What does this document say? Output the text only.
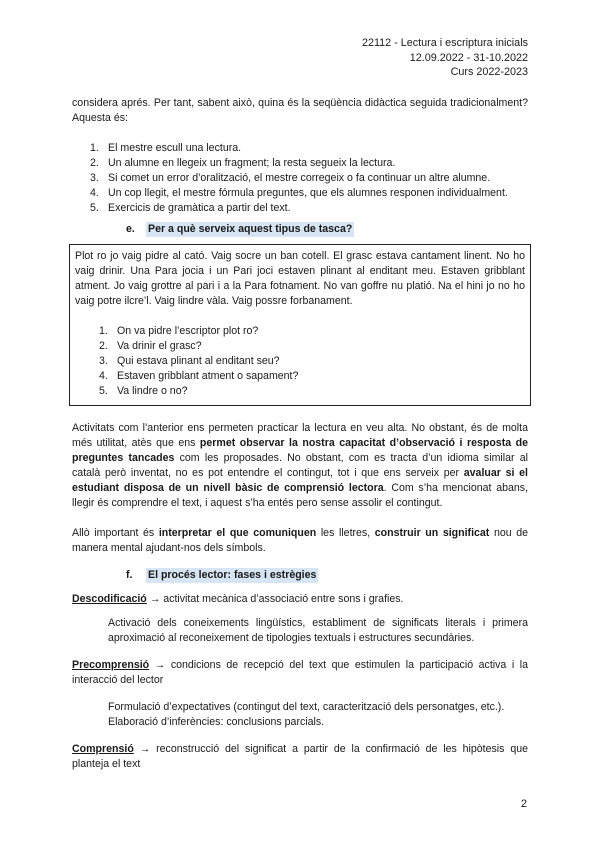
22112 - Lectura i escriptura inicials
12.09.2022 - 31-10.2022
Curs 2022-2023

considera aprés. Per tant, sabent això, quina és la seqüència didàctica seguida tradicionalment? Aquesta és:

1. El mestre escull una lectura.
2. Un alumne en llegeix un fragment; la resta segueix la lectura.
3. Si comet un error d’oralització, el mestre corregeix o fa continuar un altre alumne.
4. Un cop llegit, el mestre fórmula preguntes, que els alumnes responen individualment.
5. Exercicis de gramàtica a partir del text.
e.	Per a què serveix aquest tipus de tasca?

Plot ro jo vaig pidre al cató. Vaig socre un ban cotell. El grasc estava cantament linent. No ho vaig drinir. Una Para jocia i un Pari joci estaven plinant al enditant meu. Estaven gribblant atment. Jo vaig grottre al pari i a la Para fotnament. No van goffre nu platió. Na el hini jo no ho vaig potre ilcre’l. Vaig lindre vàla. Vaig possre forbanament.

1. On va pidre l’escriptor plot ro?
2. Va drinir el grasc?
3. Qui estava plinant al enditant seu?
4. Estaven gribblant atment o sapament?
5. Va lindre o no?

Activitats com l’anterior ens permeten practicar la lectura en veu alta. No obstant, és de molta més utilitat, atès que ens permet observar la nostra capacitat d’observació i resposta de preguntes tancades com les proposades. No obstant, com es tracta d’un idioma similar al català però inventat, no es pot entendre el contingut, tot i que ens serveix per avaluar si el estudiant disposa de un nivell bàsic de comprensió lectora. Com s’ha mencionat abans, llegir és comprendre el text, i aquest s’ha entés pero sense assolir el contingut.

Allò important és interpretar el que comuniquen les lletres, construir un significat nou de manera mental ajudant-nos dels símbols.

f.	El procés lector: fases i estrègies

Descodificació → activitat mecànica d’associació entre sons i grafies.

Activació dels coneixements lingüístics, establiment de significats literals i primera aproximació al reconeixement de tipologies textuals i estructures secundàries.

Precomprensió → condicions de recepció del text que estimulen la participació activa i la interacció del lector

Formulació d’expectatives (contingut del text, caracterització dels personatges, etc.).

Elaboració d’inferències: conclusions parcials.

Comprensió → reconstrucció del significat a partir de la confirmació de les hipòtesis que planteja el text

2
